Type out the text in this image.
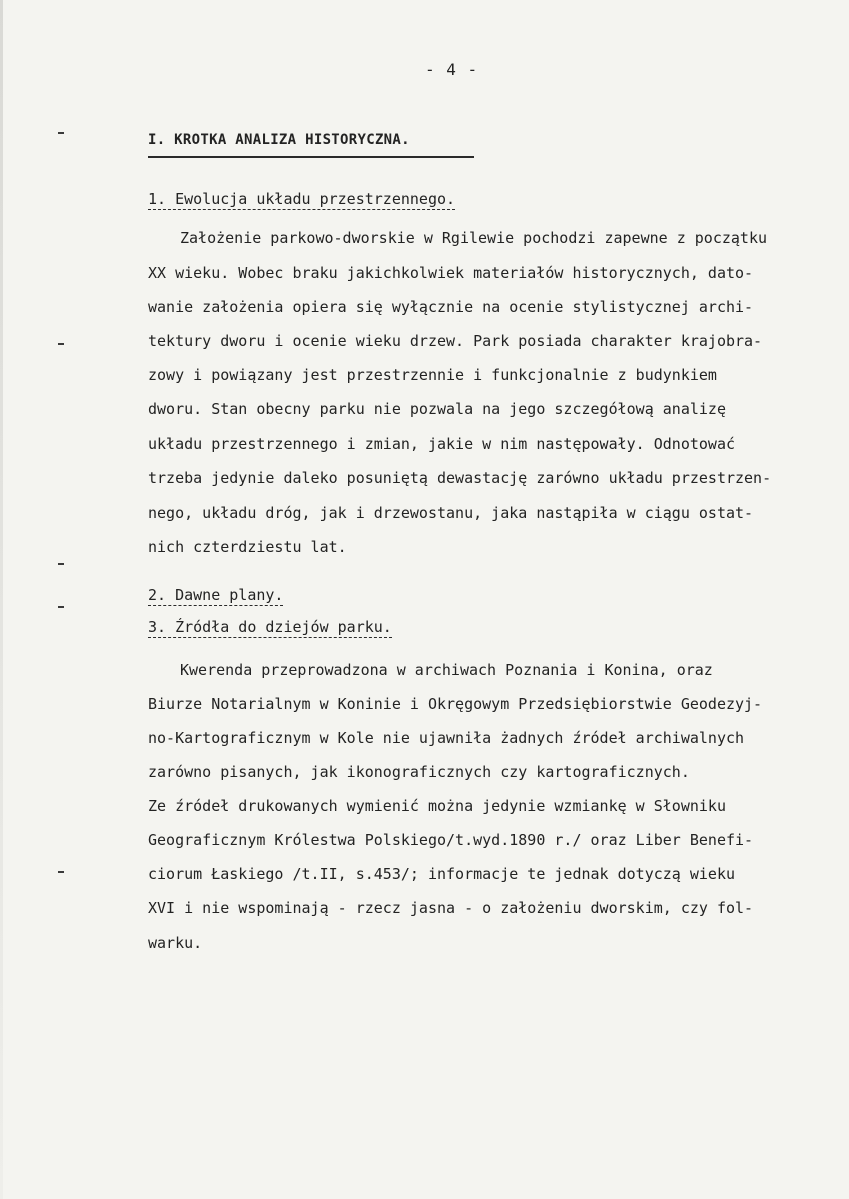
- 4 -
I. KROTKA ANALIZA HISTORYCZNA.
1. Ewolucja układu przestrzennego.
Założenie parkowo-dworskie w Rgilewie pochodzi zapewne z początku
XX wieku. Wobec braku jakichkolwiek materiałów historycznych, dato-
wanie założenia opiera się wyłącznie na ocenie stylistycznej archi-
tektury dworu i ocenie wieku drzew. Park posiada charakter krajobra-
zowy i powiązany jest przestrzennie i funkcjonalnie z budynkiem
dworu. Stan obecny parku nie pozwala na jego szczegółową analizę
układu przestrzennego i zmian, jakie w nim następowały. Odnotować
trzeba jedynie daleko posuniętą dewastację zarówno układu przestrzen-
nego, układu dróg, jak i drzewostanu, jaka nastąpiła w ciągu ostat-
nich czterdziestu lat.
2. Dawne plany.
3. Źródła do dziejów parku.
Kwerenda przeprowadzona w archiwach Poznania i Konina, oraz
Biurze Notarialnym w Koninie i Okręgowym Przedsiębiorstwie Geodezyj-
no-Kartograficznym w Kole nie ujawniła żadnych źródeł archiwalnych
zarówno pisanych, jak ikonograficznych czy kartograficznych.
Ze źródeł drukowanych wymienić można jedynie wzmiankę w Słowniku
Geograficznym Królestwa Polskiego/t.wyd.1890 r./ oraz Liber Benefi-
ciorum Łaskiego /t.II, s.453/; informacje te jednak dotyczą wieku
XVI i nie wspominają - rzecz jasna - o założeniu dworskim, czy fol-
warku.
